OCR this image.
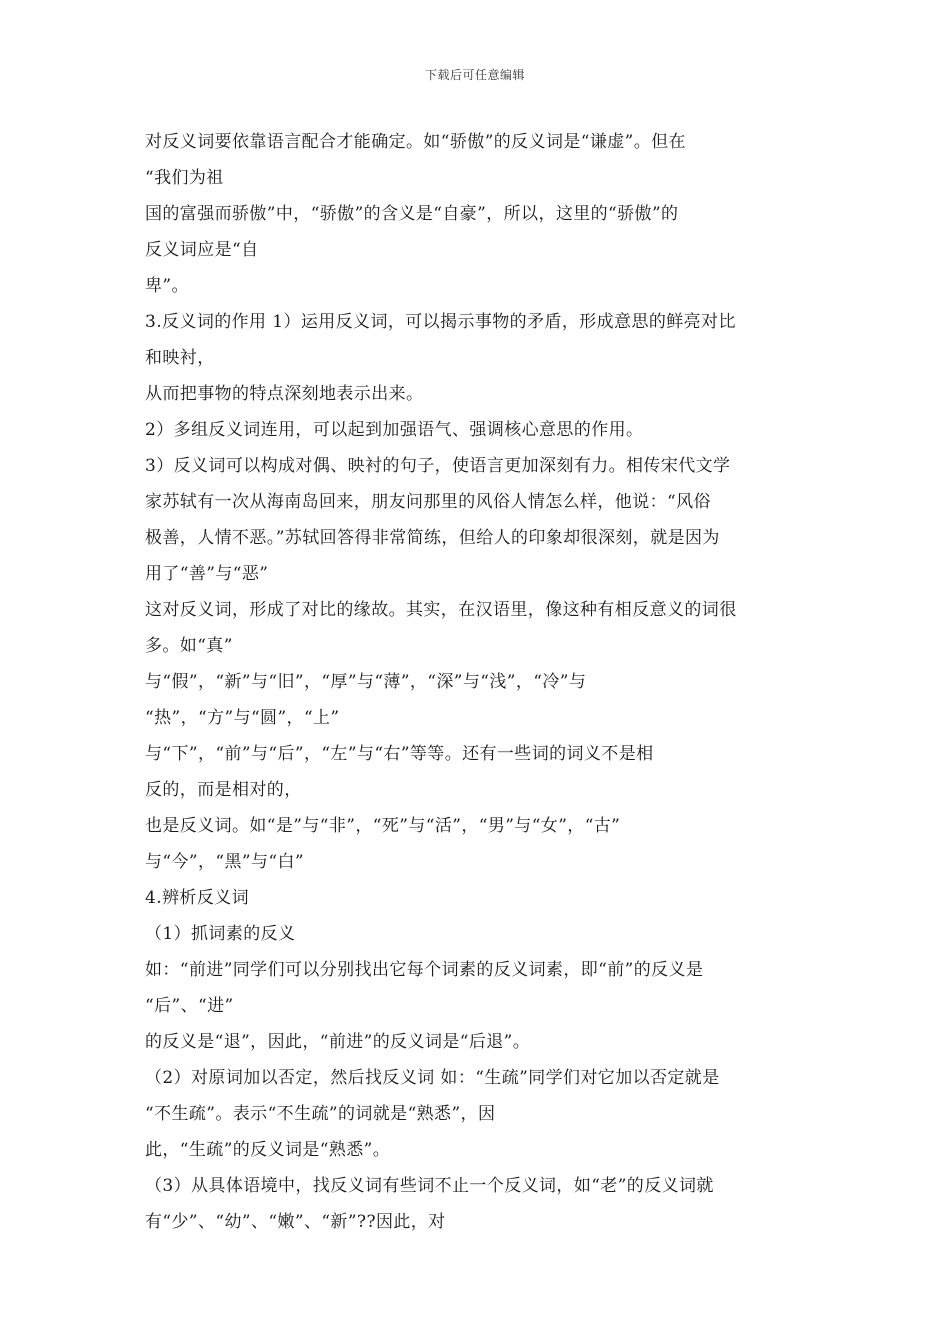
下载后可任意编辑
对反义词要依靠语言配合才能确定。如“骄傲”的反义词是“谦虚”。但在
“我们为祖
国的富强而骄傲”中，“骄傲”的含义是“自豪”，所以，这里的“骄傲”的
反义词应是“自
卑”。
3.反义词的作用 1）运用反义词，可以揭示事物的矛盾，形成意思的鲜亮对比
和映衬，
从而把事物的特点深刻地表示出来。
2）多组反义词连用，可以起到加强语气、强调核心意思的作用。
3）反义词可以构成对偶、映衬的句子，使语言更加深刻有力。相传宋代文学
家苏轼有一次从海南岛回来，朋友问那里的风俗人情怎么样，他说：“风俗
极善，人情不恶。”苏轼回答得非常简练，但给人的印象却很深刻，就是因为
用了“善”与“恶”
这对反义词，形成了对比的缘故。其实，在汉语里，像这种有相反意义的词很
多。如“真”
与“假”，“新”与“旧”，“厚”与“薄”，“深”与“浅”，“冷”与
“热”，“方”与“圆”，“上”
与“下”，“前”与“后”，“左”与“右”等等。还有一些词的词义不是相
反的，而是相对的，
也是反义词。如“是”与“非”，“死”与“活”，“男”与“女”，“古”
与“今”，“黑”与“白”
4.辨析反义词
（1）抓词素的反义
如：“前进”同学们可以分别找出它每个词素的反义词素，即“前”的反义是
“后”、“进”
的反义是“退”，因此，“前进”的反义词是“后退”。
（2）对原词加以否定，然后找反义词 如：“生疏”同学们对它加以否定就是
“不生疏”。表示“不生疏”的词就是“熟悉”，因
此，“生疏”的反义词是“熟悉”。
（3）从具体语境中，找反义词有些词不止一个反义词，如“老”的反义词就
有“少”、“幼”、“嫩”、“新”??因此，对
